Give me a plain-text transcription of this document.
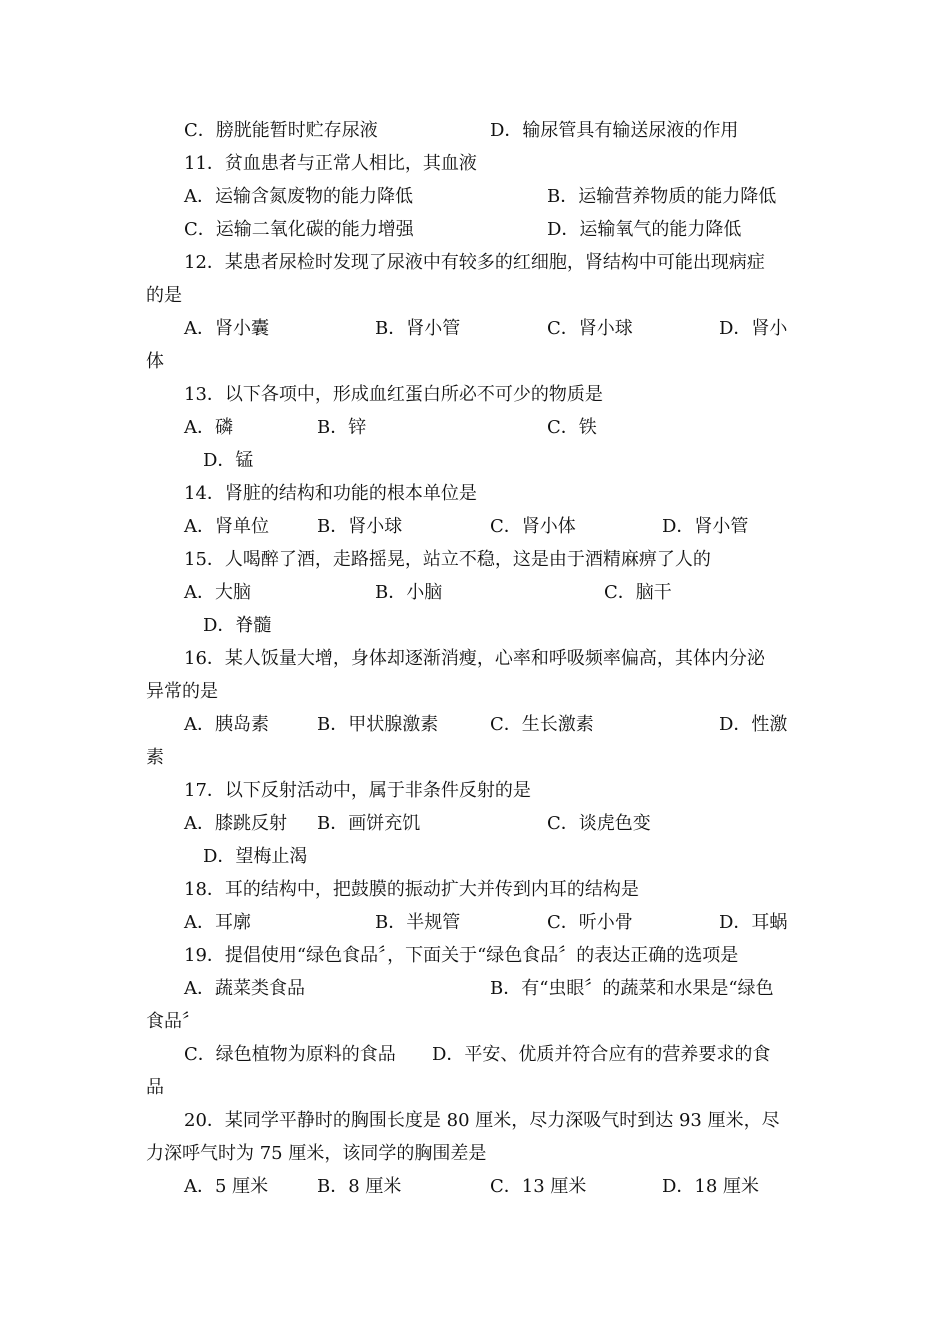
C．膀胱能暂时贮存尿液	D．输尿管具有输送尿液的作用
11．贫血患者与正常人相比，其血液
A．运输含氮废物的能力降低	B．运输营养物质的能力降低
C．运输二氧化碳的能力增强	D．运输氧气的能力降低
12．某患者尿检时发现了尿液中有较多的红细胞，肾结构中可能出现病症
的是
A．肾小囊	B．肾小管	C．肾小球	D．肾小
体
13．以下各项中，形成血红蛋白所必不可少的物质是
A．磷	B．锌	C．铁
D．锰
14．肾脏的结构和功能的根本单位是
A．肾单位	B．肾小球	C．肾小体	D．肾小管
15．人喝醉了酒，走路摇晃，站立不稳，这是由于酒精麻痹了人的
A．大脑	B．小脑	C．脑干
D．脊髓
16．某人饭量大增，身体却逐渐消瘦，心率和呼吸频率偏高，其体内分泌
异常的是
A．胰岛素	B．甲状腺激素	C．生长激素	D．性激
素
17．以下反射活动中，属于非条件反射的是
A．膝跳反射 B．画饼充饥	C．谈虎色变
D．望梅止渴
18．耳的结构中，把鼓膜的振动扩大并传到内耳的结构是
A．耳廓	B．半规管	C．听小骨	D．耳蜗
19．提倡使用“绿色食品〞，下面关于“绿色食品〞的表达正确的选项是
A．蔬菜类食品	B．有“虫眼〞的蔬菜和水果是“绿色
食品〞
C．绿色植物为原料的食品 D．平安、优质并符合应有的营养要求的食
品
20．某同学平静时的胸围长度是 80 厘米，尽力深吸气时到达 93 厘米，尽
力深呼气时为 75 厘米，该同学的胸围差是
A．5 厘米	B．8 厘米	C．13 厘米	D．18 厘米
